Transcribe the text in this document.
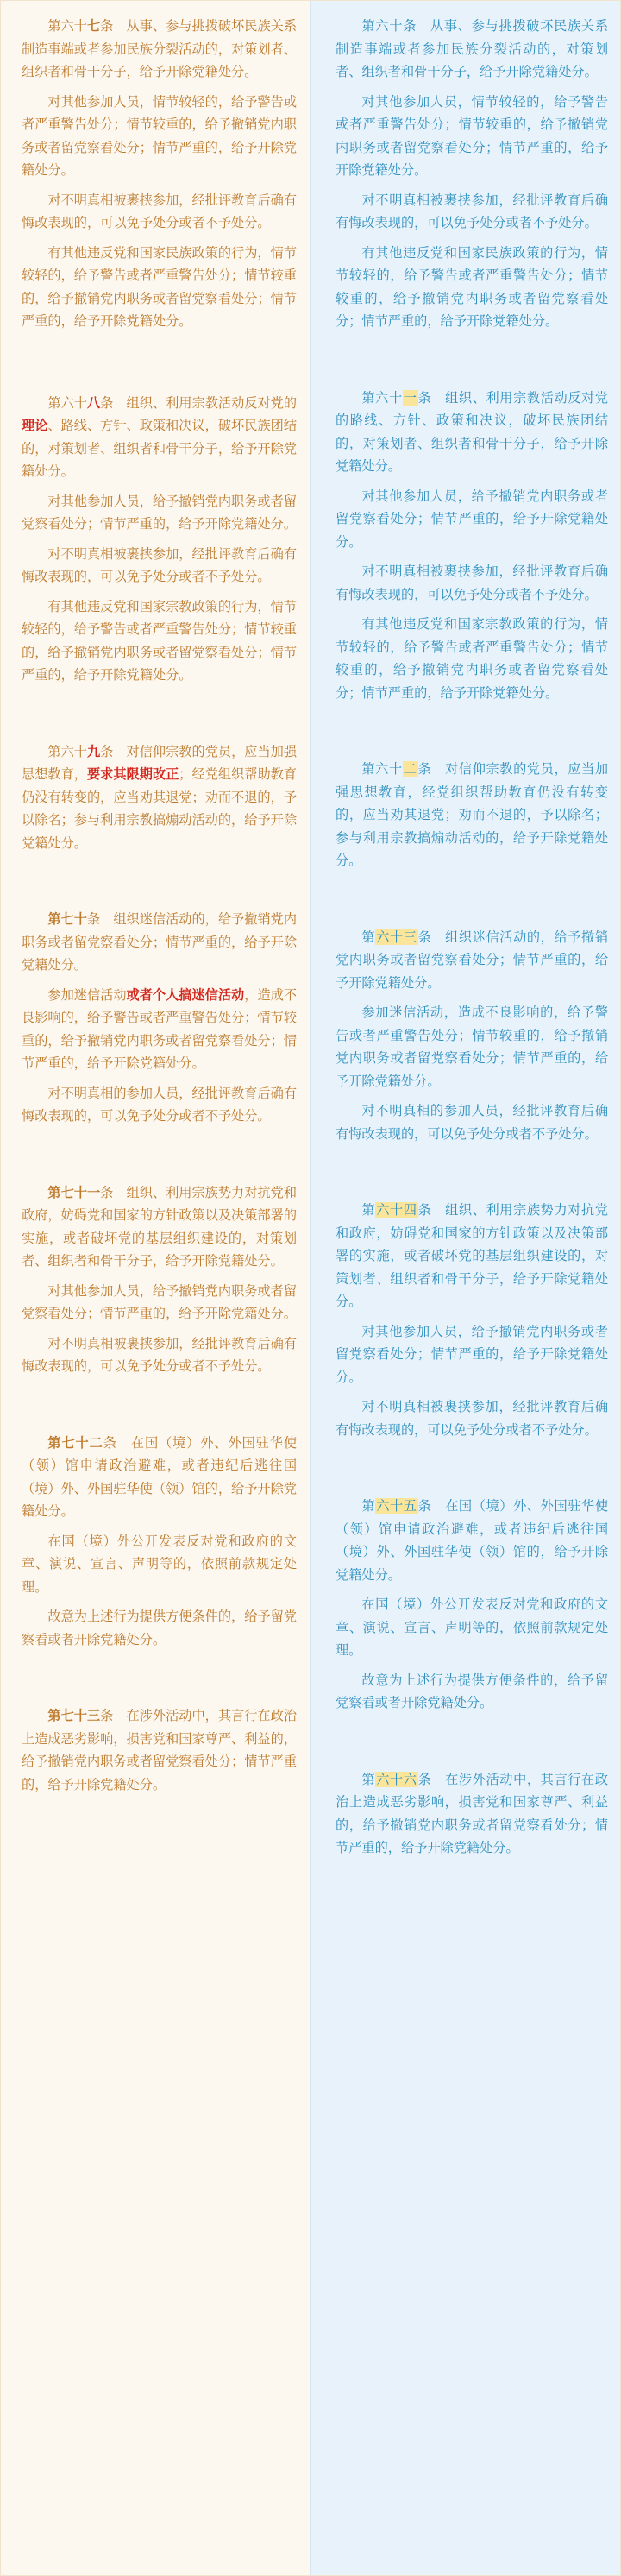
第六十七条　从事、参与挑拨破坏民族关系制造事端或者参加民族分裂活动的，对策划者、组织者和骨干分子，给予开除党籍处分。

对其他参加人员，情节较轻的，给予警告或者严重警告处分；情节较重的，给予撤销党内职务或者留党察看处分；情节严重的，给予开除党籍处分。

对不明真相被裹挟参加，经批评教育后确有悔改表现的，可以免予处分或者不予处分。

有其他违反党和国家民族政策的行为，情节较轻的，给予警告或者严重警告处分；情节较重的，给予撤销党内职务或者留党察看处分；情节严重的，给予开除党籍处分。

第六十八条　组织、利用宗教活动反对党的理论、路线、方针、政策和决议，破坏民族团结的，对策划者、组织者和骨干分子，给予开除党籍处分。

对其他参加人员，给予撤销党内职务或者留党察看处分；情节严重的，给予开除党籍处分。

对不明真相被裹挟参加，经批评教育后确有悔改表现的，可以免予处分或者不予处分。

有其他违反党和国家宗教政策的行为，情节较轻的，给予警告或者严重警告处分；情节较重的，给予撤销党内职务或者留党察看处分；情节严重的，给予开除党籍处分。

第六十九条　对信仰宗教的党员，应当加强思想教育，要求其限期改正；经党组织帮助教育仍没有转变的，应当劝其退党；劝而不退的，予以除名；参与利用宗教搞煽动活动的，给予开除党籍处分。

第七十条　组织迷信活动的，给予撤销党内职务或者留党察看处分；情节严重的，给予开除党籍处分。

参加迷信活动或者个人搞迷信活动，造成不良影响的，给予警告或者严重警告处分；情节较重的，给予撤销党内职务或者留党察看处分；情节严重的，给予开除党籍处分。

对不明真相的参加人员，经批评教育后确有悔改表现的，可以免予处分或者不予处分。

第七十一条　组织、利用宗族势力对抗党和政府，妨碍党和国家的方针政策以及决策部署的实施，或者破坏党的基层组织建设的，对策划者、组织者和骨干分子，给予开除党籍处分。

对其他参加人员，给予撤销党内职务或者留党察看处分；情节严重的，给予开除党籍处分。

对不明真相被裹挟参加，经批评教育后确有悔改表现的，可以免予处分或者不予处分。

第七十二条　在国（境）外、外国驻华使（领）馆申请政治避难，或者违纪后逃往国（境）外、外国驻华使（领）馆的，给予开除党籍处分。

在国（境）外公开发表反对党和政府的文章、演说、宣言、声明等的，依照前款规定处理。

故意为上述行为提供方便条件的，给予留党察看或者开除党籍处分。

第七十三条　在涉外活动中，其言行在政治上造成恶劣影响，损害党和国家尊严、利益的，给予撤销党内职务或者留党察看处分；情节严重的，给予开除党籍处分。

第六十条　从事、参与挑拨破坏民族关系制造事端或者参加民族分裂活动的，对策划者、组织者和骨干分子，给予开除党籍处分。

对其他参加人员，情节较轻的，给予警告或者严重警告处分；情节较重的，给予撤销党内职务或者留党察看处分；情节严重的，给予开除党籍处分。

对不明真相被裹挟参加，经批评教育后确有悔改表现的，可以免予处分或者不予处分。

有其他违反党和国家民族政策的行为，情节较轻的，给予警告或者严重警告处分；情节较重的，给予撤销党内职务或者留党察看处分；情节严重的，给予开除党籍处分。

第六十一条　组织、利用宗教活动反对党的路线、方针、政策和决议，破坏民族团结的，对策划者、组织者和骨干分子，给予开除党籍处分。

对其他参加人员，给予撤销党内职务或者留党察看处分；情节严重的，给予开除党籍处分。

对不明真相被裹挟参加，经批评教育后确有悔改表现的，可以免予处分或者不予处分。

有其他违反党和国家宗教政策的行为，情节较轻的，给予警告或者严重警告处分；情节较重的，给予撤销党内职务或者留党察看处分；情节严重的，给予开除党籍处分。

第六十二条　对信仰宗教的党员，应当加强思想教育，经党组织帮助教育仍没有转变的，应当劝其退党；劝而不退的，予以除名；参与利用宗教搞煽动活动的，给予开除党籍处分。

第六十三条　组织迷信活动的，给予撤销党内职务或者留党察看处分；情节严重的，给予开除党籍处分。

参加迷信活动，造成不良影响的，给予警告或者严重警告处分；情节较重的，给予撤销党内职务或者留党察看处分；情节严重的，给予开除党籍处分。

对不明真相的参加人员，经批评教育后确有悔改表现的，可以免予处分或者不予处分。

第六十四条　组织、利用宗族势力对抗党和政府，妨碍党和国家的方针政策以及决策部署的实施，或者破坏党的基层组织建设的，对策划者、组织者和骨干分子，给予开除党籍处分。

对其他参加人员，给予撤销党内职务或者留党察看处分；情节严重的，给予开除党籍处分。

对不明真相被裹挟参加，经批评教育后确有悔改表现的，可以免予处分或者不予处分。

第六十五条　在国（境）外、外国驻华使（领）馆申请政治避难，或者违纪后逃往国（境）外、外国驻华使（领）馆的，给予开除党籍处分。

在国（境）外公开发表反对党和政府的文章、演说、宣言、声明等的，依照前款规定处理。

故意为上述行为提供方便条件的，给予留党察看或者开除党籍处分。

第六十六条　在涉外活动中，其言行在政治上造成恶劣影响，损害党和国家尊严、利益的，给予撤销党内职务或者留党察看处分；情节严重的，给予开除党籍处分。
